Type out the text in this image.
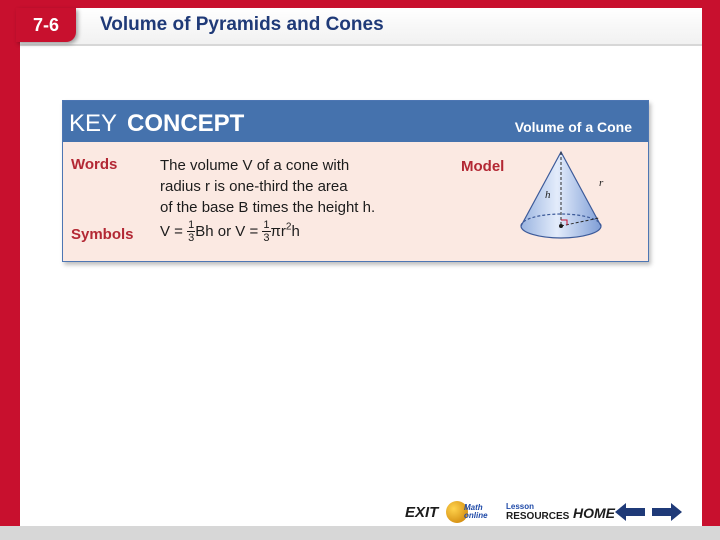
7-6	Volume of Pyramids and Cones
KEY CONCEPT	Volume of a Cone
Words	The volume V of a cone with
radius r is one-third the area
of the base B times the height h.
Symbols $V = \frac{1}{3}$ Bh or $V = \frac{1}{3} \pi r^2h$
Model
h
r
EXIT	Math
online
Lesson
RESOURCES HOME
